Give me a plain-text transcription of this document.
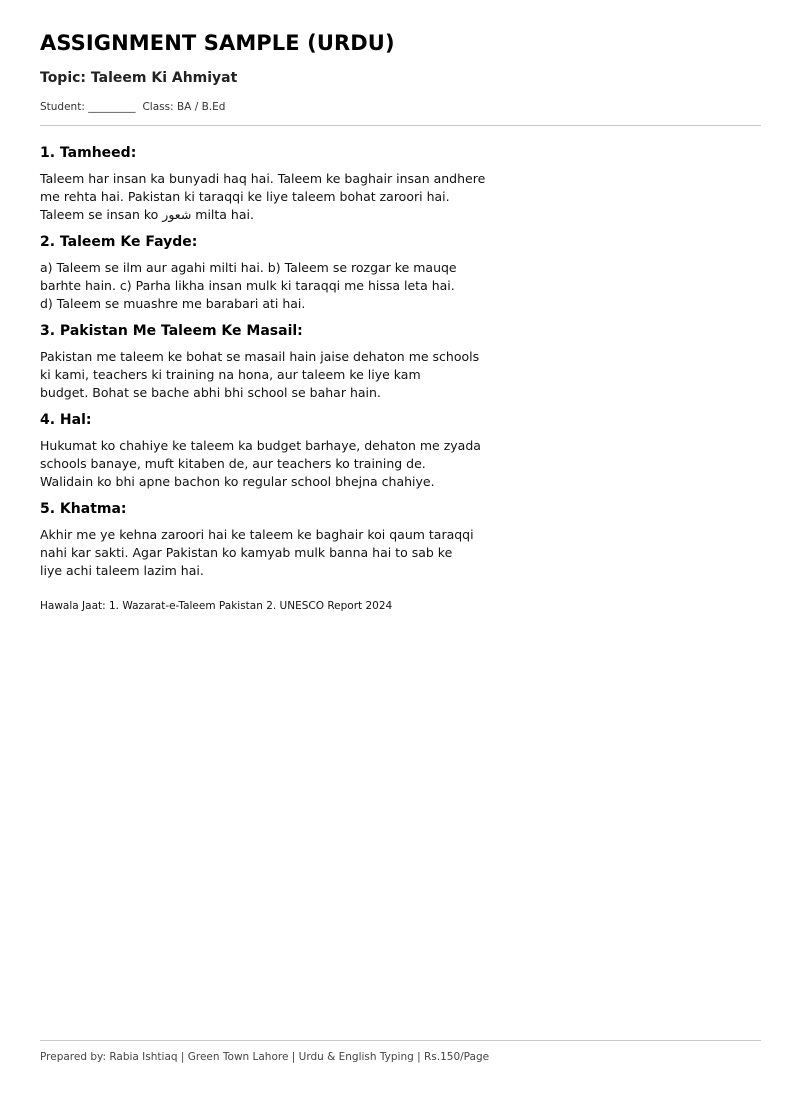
ASSIGNMENT SAMPLE (URDU)
Topic: Taleem Ki Ahmiyat
Student: _________ Class: BA / B.Ed
1. Tamheed:

Taleem har insan ka bunyadi haq hai. Taleem ke baghair insan andhere
me rehta hai. Pakistan ki taraqqi ke liye taleem bohat zaroori hai.
Taleem se insan ko شعور milta hai.

2. Taleem Ke Fayde:

a) Taleem se ilm aur agahi milti hai. b) Taleem se rozgar ke mauqe
barhte hain. c) Parha likha insan mulk ki taraqqi me hissa leta hai.
d) Taleem se muashre me barabari ati hai.

3. Pakistan Me Taleem Ke Masail:

Pakistan me taleem ke bohat se masail hain jaise dehaton me schools
ki kami, teachers ki training na hona, aur taleem ke liye kam
budget. Bohat se bache abhi bhi school se bahar hain.

4. Hal:

Hukumat ko chahiye ke taleem ka budget barhaye, dehaton me zyada
schools banaye, muft kitaben de, aur teachers ko training de.
Walidain ko bhi apne bachon ko regular school bhejna chahiye.

5. Khatma:

Akhir me ye kehna zaroori hai ke taleem ke baghair koi qaum taraqqi
nahi kar sakti. Agar Pakistan ko kamyab mulk banna hai to sab ke
liye achi taleem lazim hai.

Hawala Jaat: 1. Wazarat-e-Taleem Pakistan 2. UNESCO Report 2024
Prepared by: Rabia Ishtiaq | Green Town Lahore | Urdu & English Typing | Rs.150/Page
